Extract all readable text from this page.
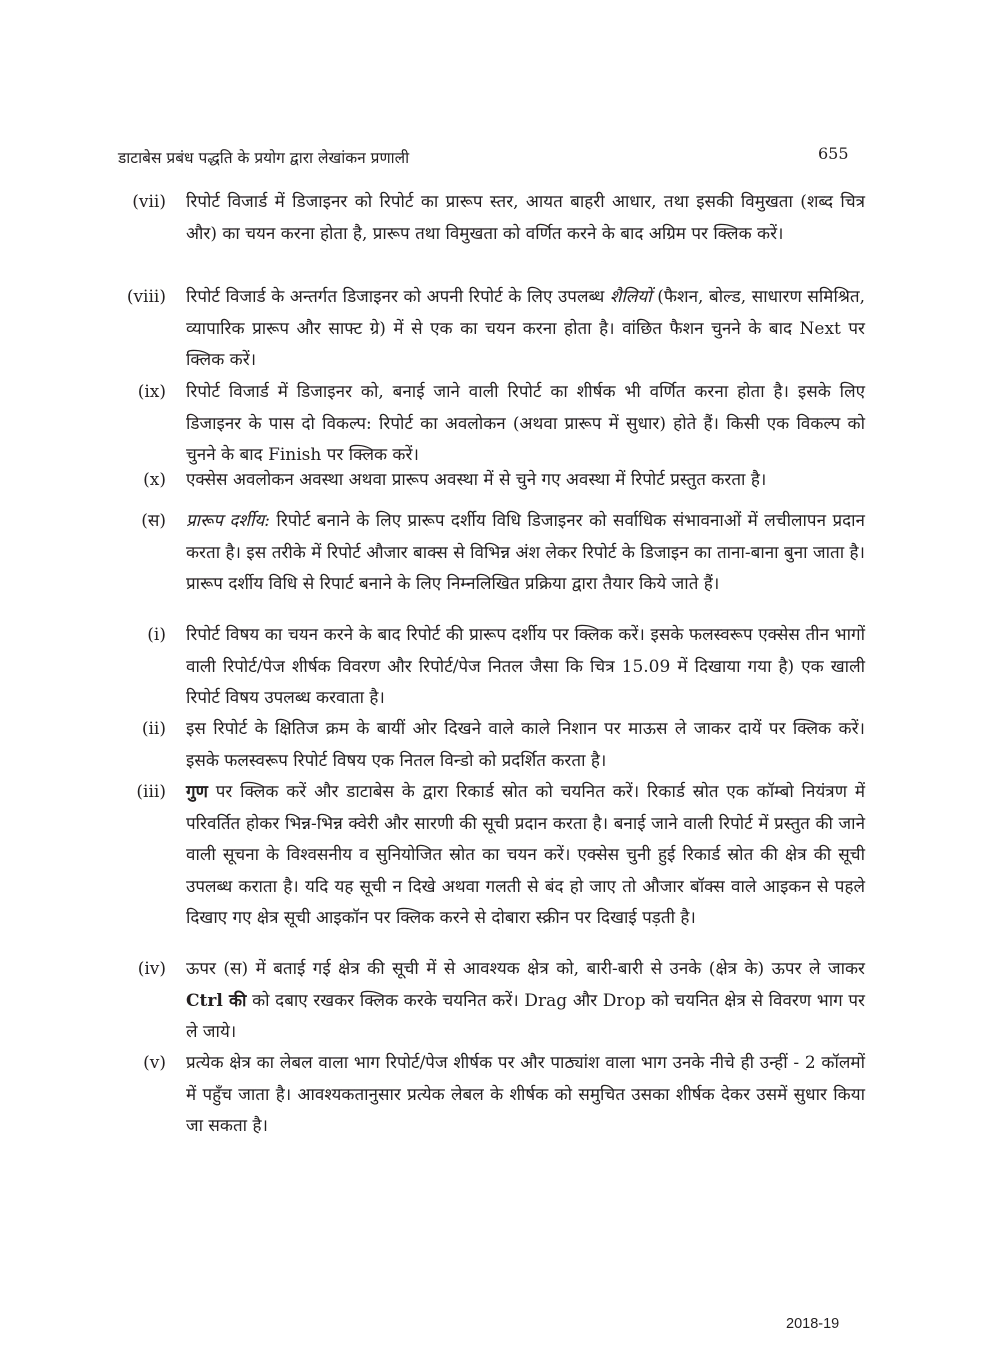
डाटाबेस प्रबंध पद्धति के प्रयोग द्वारा लेखांकन प्रणाली	655
(vii)	रिपोर्ट विजार्ड में डिजाइनर को रिपोर्ट का प्रारूप स्तर, आयत बाहरी आधार, तथा इसकी विमुखता (शब्द चित्र और) का चयन करना होता है, प्रारूप तथा विमुखता को वर्णित करने के बाद अग्रिम पर क्लिक करें।
(viii)	रिपोर्ट विजार्ड के अन्तर्गत डिजाइनर को अपनी रिपोर्ट के लिए उपलब्ध शैलियों (फैशन, बोल्ड, साधारण समिश्रित, व्यापारिक प्रारूप और साफ्ट ग्रे) में से एक का चयन करना होता है। वांछित फैशन चुनने के बाद Next पर क्लिक करें।
(ix)	रिपोर्ट विजार्ड में डिजाइनर को, बनाई जाने वाली रिपोर्ट का शीर्षक भी वर्णित करना होता है। इसके लिए डिजाइनर के पास दो विकल्प: रिपोर्ट का अवलोकन (अथवा प्रारूप में सुधार) होते हैं। किसी एक विकल्प को चुनने के बाद Finish पर क्लिक करें।
(x)	एक्सेस अवलोकन अवस्था अथवा प्रारूप अवस्था में से चुने गए अवस्था में रिपोर्ट प्रस्तुत करता है।
(स)	प्रारूप दर्शीय: रिपोर्ट बनाने के लिए प्रारूप दर्शीय विधि डिजाइनर को सर्वाधिक संभावनाओं में लचीलापन प्रदान करता है। इस तरीके में रिपोर्ट औजार बाक्स से विभिन्न अंश लेकर रिपोर्ट के डिजाइन का ताना-बाना बुना जाता है। प्रारूप दर्शीय विधि से रिपार्ट बनाने के लिए निम्नलिखित प्रक्रिया द्वारा तैयार किये जाते हैं।
(i)	रिपोर्ट विषय का चयन करने के बाद रिपोर्ट की प्रारूप दर्शीय पर क्लिक करें। इसके फलस्वरूप एक्सेस तीन भागों वाली रिपोर्ट/पेज शीर्षक विवरण और रिपोर्ट/पेज नितल जैसा कि चित्र 15.09 में दिखाया गया है) एक खाली रिपोर्ट विषय उपलब्ध करवाता है।
(ii)	इस रिपोर्ट के क्षितिज क्रम के बायीं ओर दिखने वाले काले निशान पर माऊस ले जाकर दायें पर क्लिक करें। इसके फलस्वरूप रिपोर्ट विषय एक नितल विन्डो को प्रदर्शित करता है।
(iii)	गुण पर क्लिक करें और डाटाबेस के द्वारा रिकार्ड स्रोत को चयनित करें। रिकार्ड स्रोत एक कॉम्बो नियंत्रण में परिवर्तित होकर भिन्न-भिन्न क्वेरी और सारणी की सूची प्रदान करता है। बनाई जाने वाली रिपोर्ट में प्रस्तुत की जाने वाली सूचना के विश्वसनीय व सुनियोजित स्रोत का चयन करें। एक्सेस चुनी हुई रिकार्ड स्रोत की क्षेत्र की सूची उपलब्ध कराता है। यदि यह सूची न दिखे अथवा गलती से बंद हो जाए तो औजार बॉक्स वाले आइकन से पहले दिखाए गए क्षेत्र सूची आइकॉन पर क्लिक करने से दोबारा स्क्रीन पर दिखाई पड़ती है।
(iv)	ऊपर (स) में बताई गई क्षेत्र की सूची में से आवश्यक क्षेत्र को, बारी-बारी से उनके (क्षेत्र के) ऊपर ले जाकर Ctrl की को दबाए रखकर क्लिक करके चयनित करें। Drag और Drop को चयनित क्षेत्र से विवरण भाग पर ले जाये।
(v)	प्रत्येक क्षेत्र का लेबल वाला भाग रिपोर्ट/पेज शीर्षक पर और पाठ्यांश वाला भाग उनके नीचे ही उन्हीं - 2 कॉलमों में पहुँच जाता है। आवश्यकतानुसार प्रत्येक लेबल के शीर्षक को समुचित उसका शीर्षक देकर उसमें सुधार किया जा सकता है।
2018-19
